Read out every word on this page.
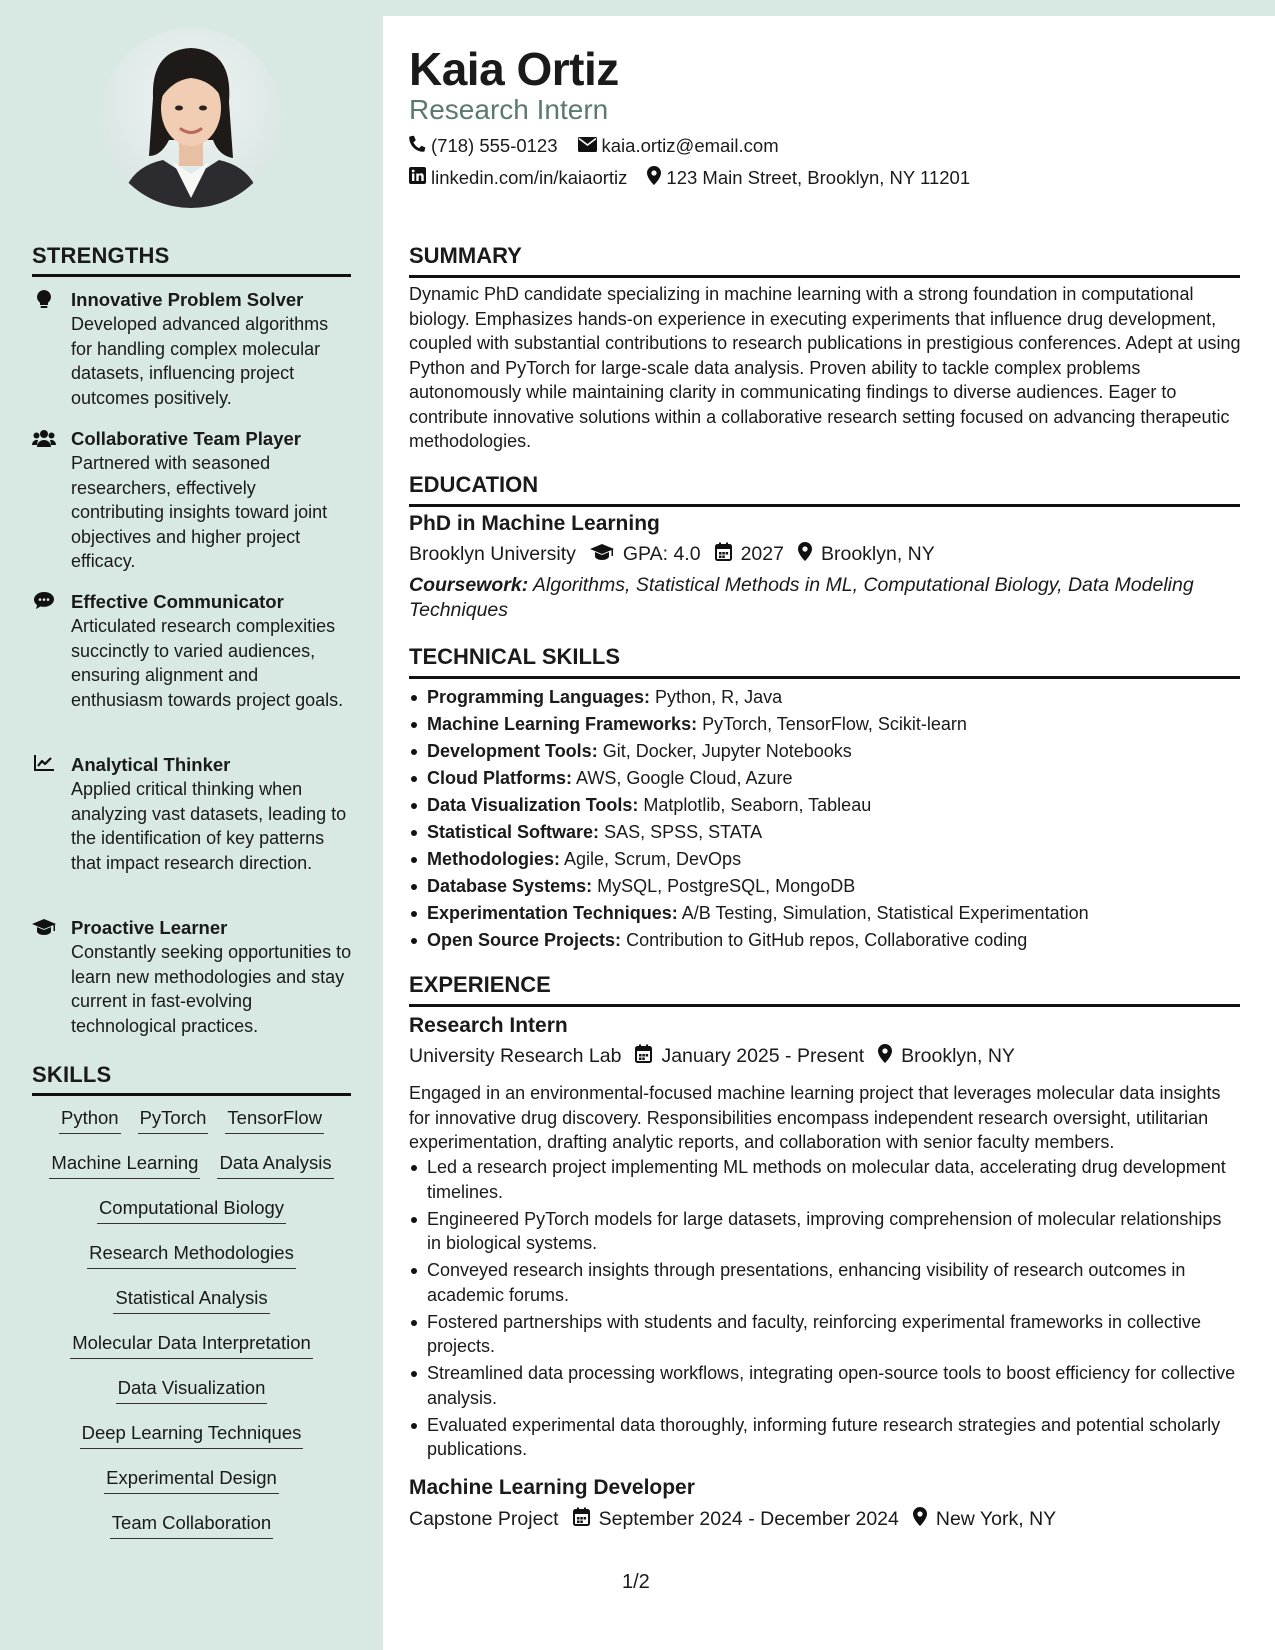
STRENGTHS
Innovative Problem Solver
Developed advanced algorithms for handling complex molecular datasets, influencing project outcomes positively.
Collaborative Team Player
Partnered with seasoned researchers, effectively contributing insights toward joint objectives and higher project efficacy.
Effective Communicator
Articulated research complexities succinctly to varied audiences, ensuring alignment and enthusiasm towards project goals.
Analytical Thinker
Applied critical thinking when analyzing vast datasets, leading to the identification of key patterns that impact research direction.
Proactive Learner
Constantly seeking opportunities to learn new methodologies and stay current in fast-evolving technological practices.
SKILLS
Python PyTorch TensorFlow
Machine Learning Data Analysis
Computational Biology
Research Methodologies
Statistical Analysis
Molecular Data Interpretation
Data Visualization
Deep Learning Techniques
Experimental Design
Team Collaboration
Kaia Ortiz
Research Intern
(718) 555-0123 kaia.ortiz@email.com
linkedin.com/in/kaiaortiz 123 Main Street, Brooklyn, NY 11201
SUMMARY
Dynamic PhD candidate specializing in machine learning with a strong foundation in computational biology. Emphasizes hands-on experience in executing experiments that influence drug development, coupled with substantial contributions to research publications in prestigious conferences. Adept at using Python and PyTorch for large-scale data analysis. Proven ability to tackle complex problems autonomously while maintaining clarity in communicating findings to diverse audiences. Eager to contribute innovative solutions within a collaborative research setting focused on advancing therapeutic methodologies.
EDUCATION
PhD in Machine Learning
Brooklyn University GPA: 4.0 2027 Brooklyn, NY
Coursework: Algorithms, Statistical Methods in ML, Computational Biology, Data Modeling Techniques
TECHNICAL SKILLS
Programming Languages: Python, R, Java
Machine Learning Frameworks: PyTorch, TensorFlow, Scikit-learn
Development Tools: Git, Docker, Jupyter Notebooks
Cloud Platforms: AWS, Google Cloud, Azure
Data Visualization Tools: Matplotlib, Seaborn, Tableau
Statistical Software: SAS, SPSS, STATA
Methodologies: Agile, Scrum, DevOps
Database Systems: MySQL, PostgreSQL, MongoDB
Experimentation Techniques: A/B Testing, Simulation, Statistical Experimentation
Open Source Projects: Contribution to GitHub repos, Collaborative coding
EXPERIENCE
Research Intern
University Research Lab January 2025 - Present Brooklyn, NY
Engaged in an environmental-focused machine learning project that leverages molecular data insights for innovative drug discovery. Responsibilities encompass independent research oversight, utilitarian experimentation, drafting analytic reports, and collaboration with senior faculty members.
Led a research project implementing ML methods on molecular data, accelerating drug development timelines.
Engineered PyTorch models for large datasets, improving comprehension of molecular relationships in biological systems.
Conveyed research insights through presentations, enhancing visibility of research outcomes in academic forums.
Fostered partnerships with students and faculty, reinforcing experimental frameworks in collective projects.
Streamlined data processing workflows, integrating open-source tools to boost efficiency for collective analysis.
Evaluated experimental data thoroughly, informing future research strategies and potential scholarly publications.
Machine Learning Developer
Capstone Project September 2024 - December 2024 New York, NY
1/2
